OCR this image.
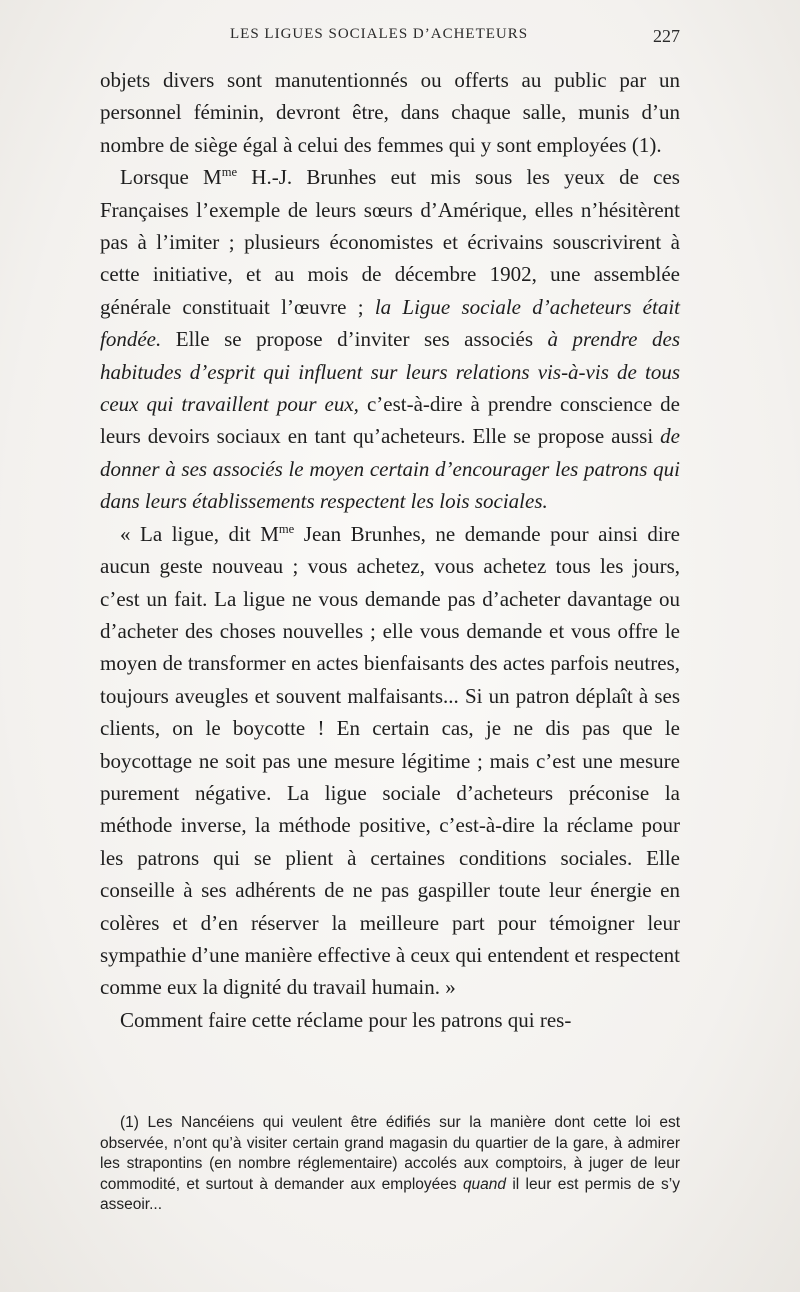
LES LIGUES SOCIALES D’ACHETEURS	227

objets divers sont manutentionnés ou offerts au public par un personnel féminin, devront être, dans chaque salle, munis d’un nombre de siège égal à celui des femmes qui y sont employées (1).

Lorsque $M^{me}$ H.-J. Brunhes eut mis sous les yeux de ces Françaises l’exemple de leurs sœurs d’Amérique, elles n’hésitèrent pas à l’imiter ; plusieurs économistes et écrivains souscrivirent à cette initiative, et au mois de décembre 1902, une assemblée générale constituait l’œuvre ; la Ligue sociale d’acheteurs était fondée. Elle se propose d’inviter ses associés à prendre des habitudes d’esprit qui influent sur leurs relations vis-à-vis de tous ceux qui travaillent pour eux, c’est-à-dire à prendre conscience de leurs devoirs sociaux en tant qu’acheteurs. Elle se propose aussi de donner à ses associés le moyen certain d’encourager les patrons qui dans leurs établissements respectent les lois sociales.

« La ligue, dit $M^{me}$ Jean Brunhes, ne demande pour ainsi dire aucun geste nouveau ; vous achetez, vous achetez tous les jours, c’est un fait. La ligue ne vous demande pas d’acheter davantage ou d’acheter des choses nouvelles ; elle vous demande et vous offre le moyen de transformer en actes bienfaisants des actes parfois neutres, toujours aveugles et souvent malfaisants... Si un patron déplaît à ses clients, on le boycotte ! En certain cas, je ne dis pas que le boycottage ne soit pas une mesure légitime ; mais c’est une mesure purement négative. La ligue sociale d’acheteurs préconise la méthode inverse, la méthode positive, c’est-à-dire la réclame pour les patrons qui se plient à certaines conditions sociales. Elle conseille à ses adhérents de ne pas gaspiller toute leur énergie en colères et d’en réserver la meilleure part pour témoigner leur sympathie d’une manière effective à ceux qui entendent et respectent comme eux la dignité du travail humain. »

Comment faire cette réclame pour les patrons qui res-

(1) Les Nancéiens qui veulent être édifiés sur la manière dont cette loi est observée, n’ont qu’à visiter certain grand magasin du quartier de la gare, à admirer les strapontins (en nombre réglementaire) accolés aux comptoirs, à juger de leur commodité, et surtout à demander aux employées quand il leur est permis de s’y asseoir...
